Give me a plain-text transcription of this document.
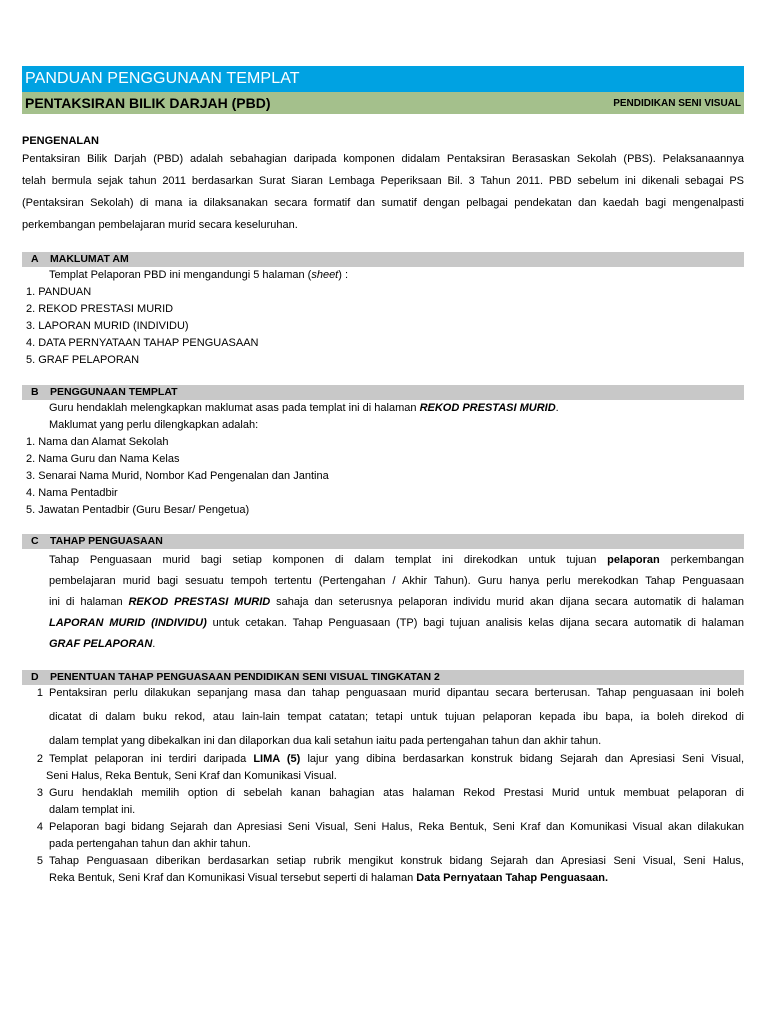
PANDUAN PENGGUNAAN TEMPLAT
PENTAKSIRAN BILIK DARJAH (PBD)	PENDIDIKAN SENI VISUAL
PENGENALAN
Pentaksiran Bilik Darjah (PBD) adalah sebahagian daripada komponen didalam Pentaksiran Berasaskan Sekolah (PBS). Pelaksanaannya
telah bermula sejak tahun 2011 berdasarkan Surat Siaran Lembaga Peperiksaan Bil. 3 Tahun 2011. PBD sebelum ini dikenali sebagai PS
(Pentaksiran Sekolah) di mana ia dilaksanakan secara formatif dan sumatif dengan pelbagai pendekatan dan kaedah bagi mengenalpasti
perkembangan pembelajaran murid secara keseluruhan.
A	MAKLUMAT AM
Templat Pelaporan PBD ini mengandungi 5 halaman (sheet) :
1. PANDUAN
2. REKOD PRESTASI MURID
3. LAPORAN MURID (INDIVIDU)
4. DATA PERNYATAAN TAHAP PENGUASAAN
5. GRAF PELAPORAN
B	PENGGUNAAN TEMPLAT
Guru hendaklah melengkapkan maklumat asas pada templat ini di halaman REKOD PRESTASI MURID.
Maklumat yang perlu dilengkapkan adalah:
1. Nama dan Alamat Sekolah
2. Nama Guru dan Nama Kelas
3. Senarai Nama Murid, Nombor Kad Pengenalan dan Jantina
4. Nama Pentadbir
5. Jawatan Pentadbir (Guru Besar/ Pengetua)
C	TAHAP PENGUASAAN
Tahap Penguasaan murid bagi setiap komponen di dalam templat ini direkodkan untuk tujuan pelaporan perkembangan
pembelajaran murid bagi sesuatu tempoh tertentu (Pertengahan / Akhir Tahun). Guru hanya perlu merekodkan Tahap Penguasaan
ini di halaman REKOD PRESTASI MURID sahaja dan seterusnya pelaporan individu murid akan dijana secara automatik di halaman
LAPORAN MURID (INDIVIDU) untuk cetakan. Tahap Penguasaan (TP) bagi tujuan analisis kelas dijana secara automatik di halaman
GRAF PELAPORAN.
D	PENENTUAN TAHAP PENGUASAAN PENDIDIKAN SENI VISUAL TINGKATAN 2
1 Pentaksiran perlu dilakukan sepanjang masa dan tahap penguasaan murid dipantau secara berterusan. Tahap penguasaan ini boleh
dicatat di dalam buku rekod, atau lain-lain tempat catatan; tetapi untuk tujuan pelaporan kepada ibu bapa, ia boleh direkod di
dalam templat yang dibekalkan ini dan dilaporkan dua kali setahun iaitu pada pertengahan tahun dan akhir tahun.
2 Templat pelaporan ini terdiri daripada LIMA (5) lajur yang dibina berdasarkan konstruk bidang Sejarah dan Apresiasi Seni Visual,
Seni Halus, Reka Bentuk, Seni Kraf dan Komunikasi Visual.
3 Guru hendaklah memilih option di sebelah kanan bahagian atas halaman Rekod Prestasi Murid untuk membuat pelaporan di
dalam templat ini.
4 Pelaporan bagi bidang Sejarah dan Apresiasi Seni Visual, Seni Halus, Reka Bentuk, Seni Kraf dan Komunikasi Visual akan dilakukan
pada pertengahan tahun dan akhir tahun.
5 Tahap Penguasaan diberikan berdasarkan setiap rubrik mengikut konstruk bidang Sejarah dan Apresiasi Seni Visual, Seni Halus,
Reka Bentuk, Seni Kraf dan Komunikasi Visual tersebut seperti di halaman Data Pernyataan Tahap Penguasaan.
